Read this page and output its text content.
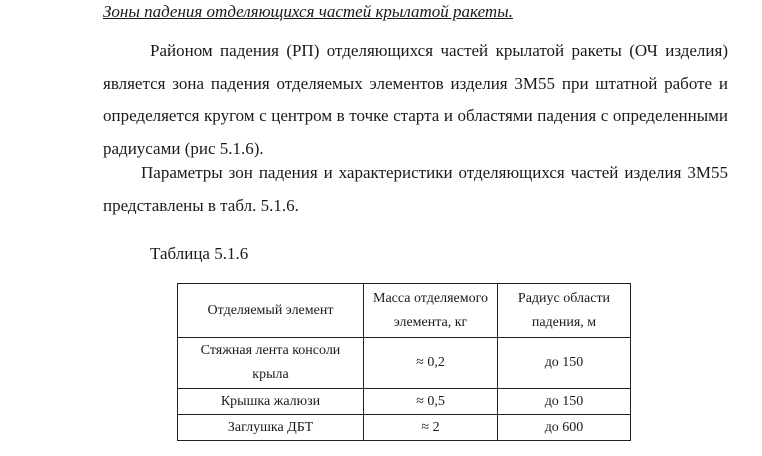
Зоны падения отделяющихся частей крылатой ракеты.

Районом падения (РП) отделяющихся частей крылатой ракеты (ОЧ изделия) является зона падения отделяемых элементов изделия 3М55 при штатной работе и определяется кругом с центром в точке старта и областями падения с определенными радиусами (рис 5.1.6).

Параметры зон падения и характеристики отделяющихся частей изделия 3М55 представлены в табл. 5.1.6.

Таблица 5.1.6
Отделяемый элемент	Масса отделяемого элемента, кг	Радиус области падения, м
Стяжная лента консоли крыла	≈ 0,2	до 150
Крышка жалюзи	≈ 0,5	до 150
Заглушка ДБТ	≈ 2	до 600
